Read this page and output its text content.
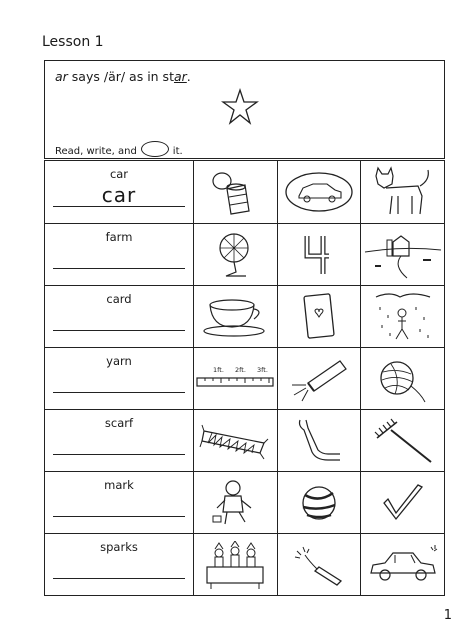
Lesson 1
ar says /är/ as in star.
Read, write, and	it.
car
car
farm
card
yarn
1ft. 2ft. 3ft.
scarf
mark
sparks
1
